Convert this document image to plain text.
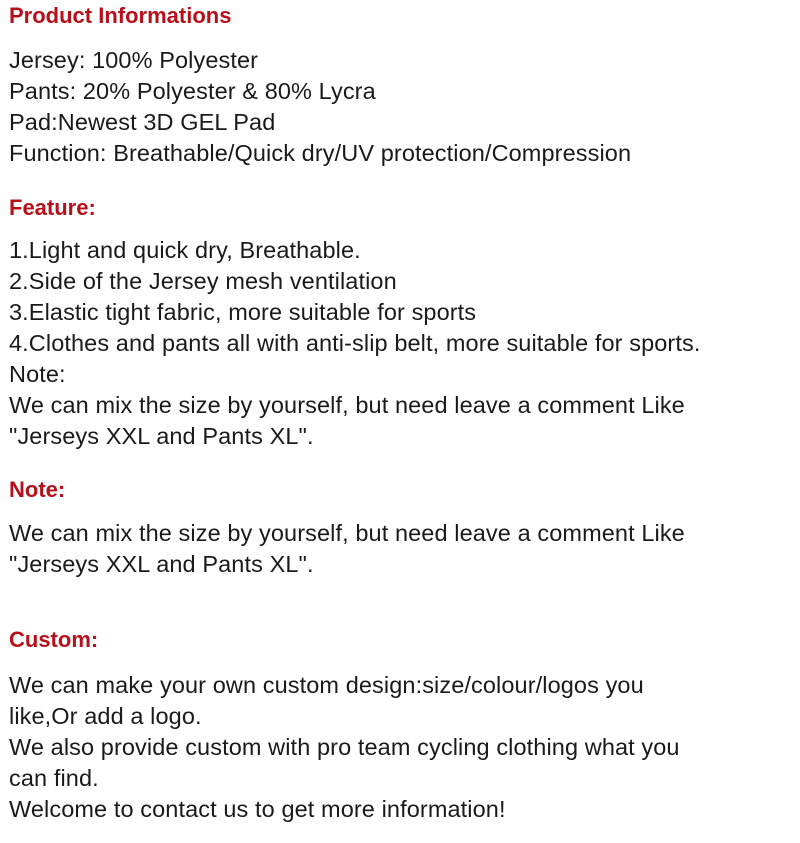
Product Informations
Jersey: 100% Polyester
Pants: 20% Polyester & 80% Lycra
Pad:Newest 3D GEL Pad
Function: Breathable/Quick dry/UV protection/Compression
Feature:
1.Light and quick dry, Breathable.
2.Side of the Jersey mesh ventilation
3.Elastic tight fabric, more suitable for sports
4.Clothes and pants all with anti-slip belt, more suitable for sports.
Note:
We can mix the size by yourself, but need leave a comment Like
"Jerseys XXL and Pants XL".
Note:
We can mix the size by yourself, but need leave a comment Like
"Jerseys XXL and Pants XL".
Custom:
We can make your own custom design:size/colour/logos you
like,Or add a logo.
We also provide custom with pro team cycling clothing what you
can find.
Welcome to contact us to get more information!
